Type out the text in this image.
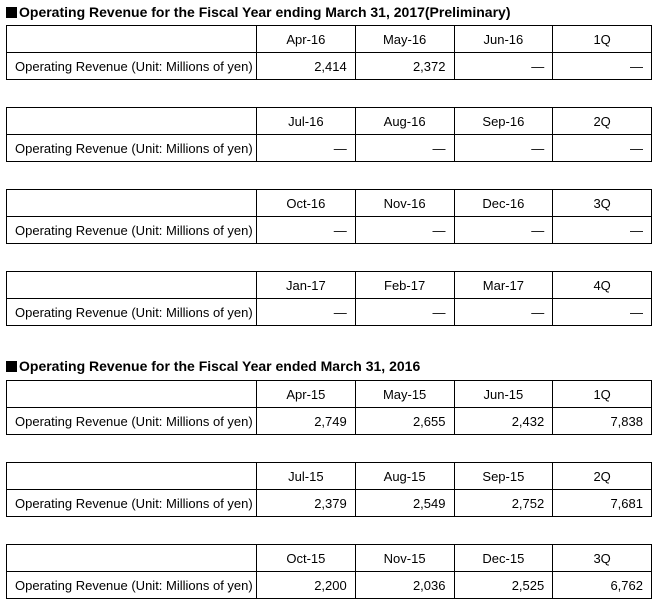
Operating Revenue for the Fiscal Year ending March 31, 2017(Preliminary)
	Apr-16	May-16	Jun-16	1Q
Operating Revenue (Unit: Millions of yen)	2,414	2,372	—	—
	Jul-16	Aug-16	Sep-16	2Q
Operating Revenue (Unit: Millions of yen)	—	—	—	—
	Oct-16	Nov-16	Dec-16	3Q
Operating Revenue (Unit: Millions of yen)	—	—	—	—
	Jan-17	Feb-17	Mar-17	4Q
Operating Revenue (Unit: Millions of yen)	—	—	—	—
Operating Revenue for the Fiscal Year ended March 31, 2016
	Apr-15	May-15	Jun-15	1Q
Operating Revenue (Unit: Millions of yen)	2,749	2,655	2,432	7,838
	Jul-15	Aug-15	Sep-15	2Q
Operating Revenue (Unit: Millions of yen)	2,379	2,549	2,752	7,681
	Oct-15	Nov-15	Dec-15	3Q
Operating Revenue (Unit: Millions of yen)	2,200	2,036	2,525	6,762
